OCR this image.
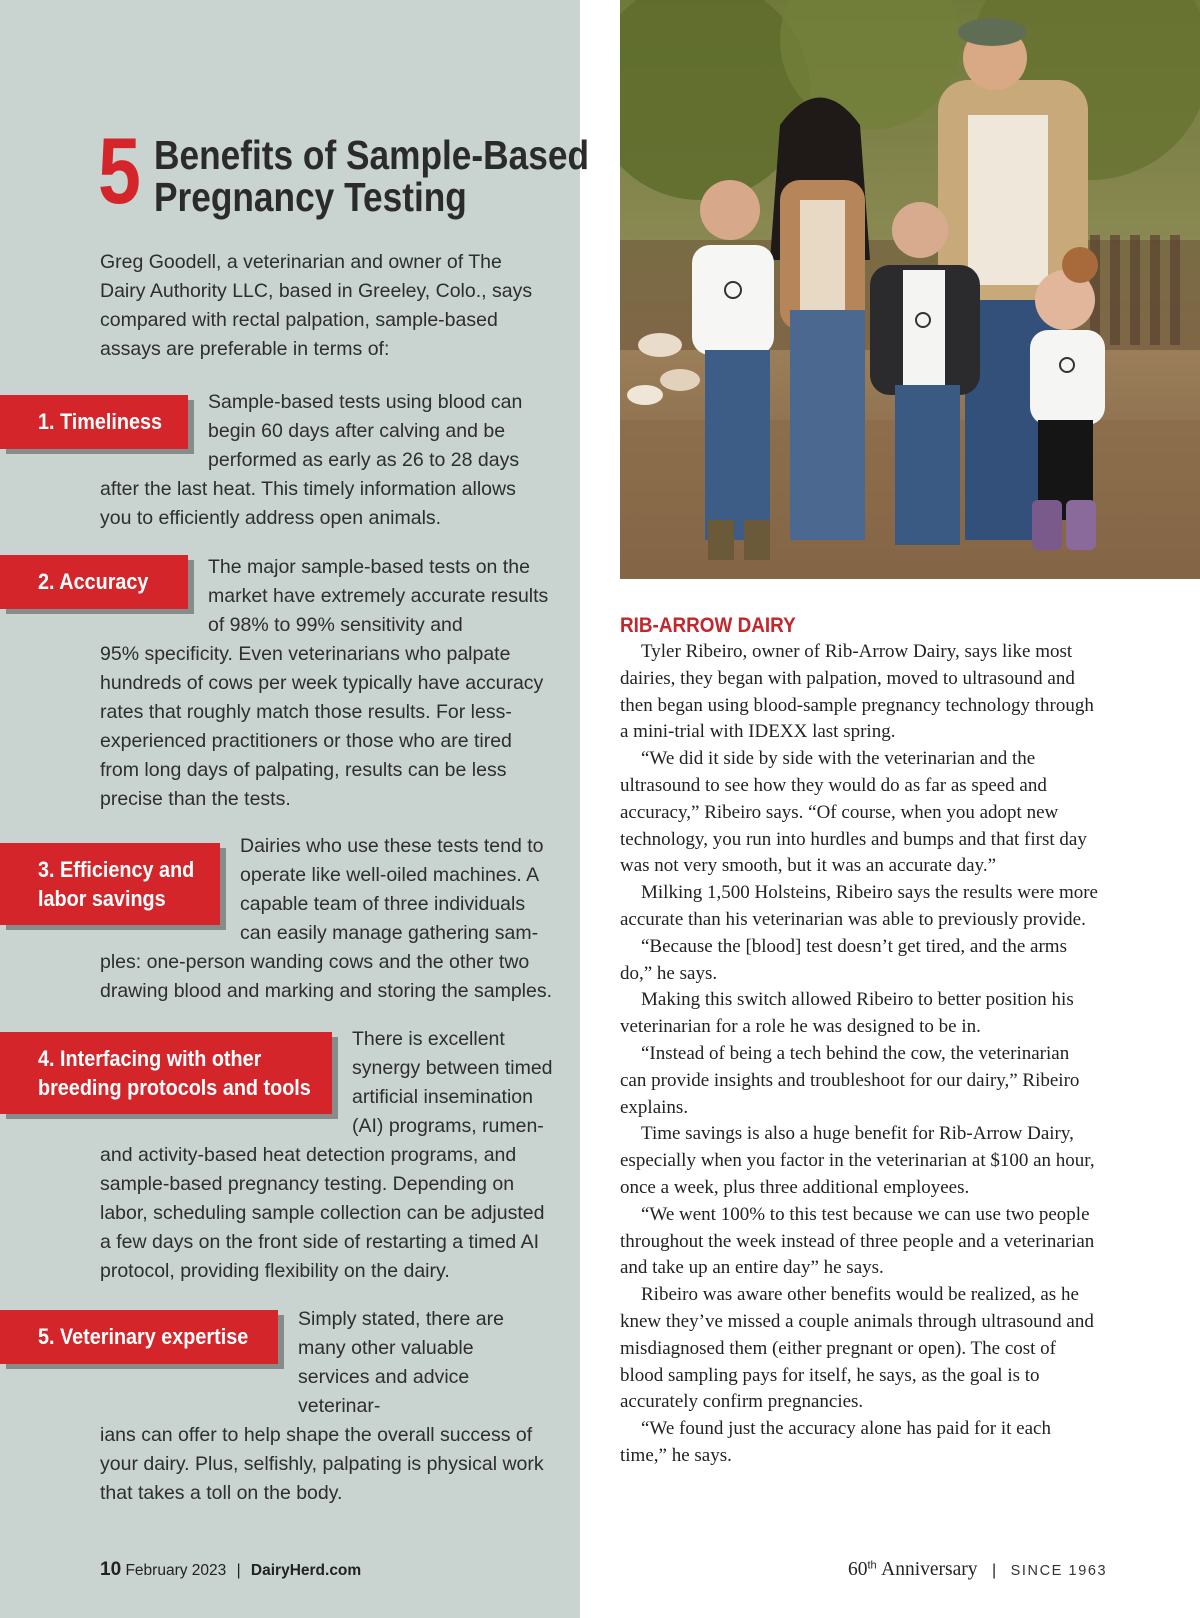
5 Benefits of Sample-Based
Pregnancy Testing
Greg Goodell, a veterinarian and owner of The Dairy Authority LLC, based in Greeley, Colo., says compared with rectal palpation, sample-based assays are preferable in terms of:
1. Timeliness

Sample-based tests using blood can begin 60 days after calving and be performed as early as 26 to 28 days

after the last heat. This timely information allows you to efficiently address open animals.

2. Accuracy

The major sample-based tests on the market have extremely accurate results of 98% to 99% sensitivity and

95% specificity. Even veterinarians who palpate hundreds of cows per week typically have accuracy rates that roughly match those results. For less-experienced practitioners or those who are tired from long days of palpating, results can be less precise than the tests.

3. Efficiency and
labor savings

Dairies who use these tests tend to operate like well-oiled machines. A capable team of three individuals can easily manage gathering sam-

ples: one-person wanding cows and the other two drawing blood and marking and storing the samples.

4. Interfacing with other
breeding protocols and tools

There is excellent synergy between timed artificial insemination (AI) programs, rumen-

and activity-based heat detection programs, and sample-based pregnancy testing. Depending on labor, scheduling sample collection can be adjusted a few days on the front side of restarting a timed AI protocol, providing flexibility on the dairy.

5. Veterinary expertise

Simply stated, there are many other valuable services and advice veterinar-

ians can offer to help shape the overall success of your dairy. Plus, selfishly, palpating is physical work that takes a toll on the body.

10 February 2023 | DairyHerd.com
RIB-ARROW DAIRY

Tyler Ribeiro, owner of Rib-Arrow Dairy, says like most dairies, they began with palpation, moved to ultrasound and then began using blood-sample pregnancy technology through a mini-trial with IDEXX last spring.

“We did it side by side with the veterinarian and the ultrasound to see how they would do as far as speed and accuracy,” Ribeiro says. “Of course, when you adopt new technology, you run into hurdles and bumps and that first day was not very smooth, but it was an accurate day.”

Milking 1,500 Holsteins, Ribeiro says the results were more accurate than his veterinarian was able to previously provide.

“Because the [blood] test doesn’t get tired, and the arms do,” he says.

Making this switch allowed Ribeiro to better position his veterinarian for a role he was designed to be in.

“Instead of being a tech behind the cow, the veterinarian can provide insights and troubleshoot for our dairy,” Ribeiro explains.

Time savings is also a huge benefit for Rib-Arrow Dairy, especially when you factor in the veterinarian at $100 an hour, once a week, plus three additional employees.

“We went 100% to this test because we can use two people throughout the week instead of three people and a veterinarian and take up an entire day” he says.

Ribeiro was aware other benefits would be realized, as he knew they’ve missed a couple animals through ultrasound and misdiagnosed them (either pregnant or open). The cost of blood sampling pays for itself, he says, as the goal is to accurately confirm pregnancies.

“We found just the accuracy alone has paid for it each time,” he says.

60th Anniversary | SINCE 1963
